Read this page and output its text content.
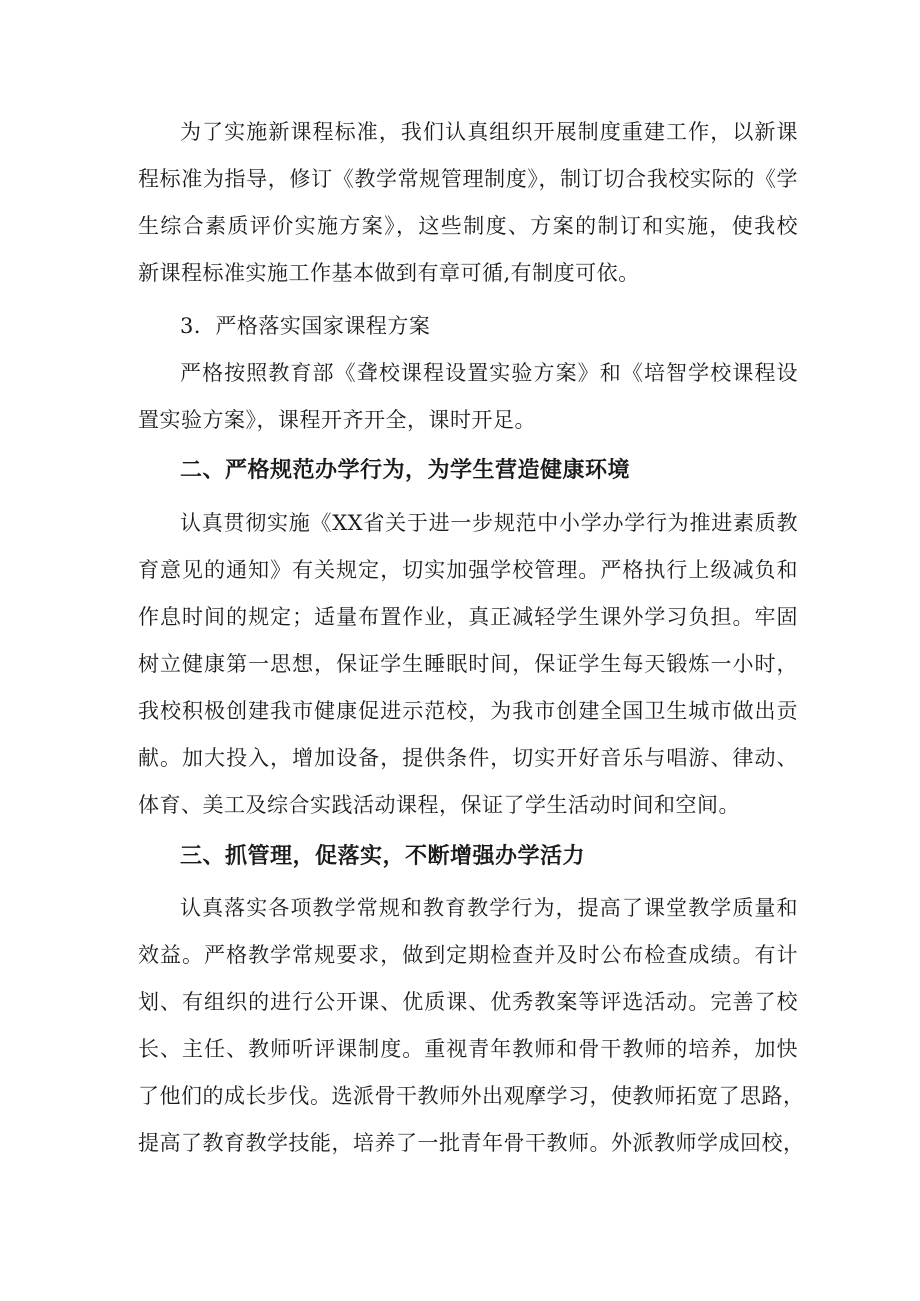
为了实施新课程标准，我们认真组织开展制度重建工作，以新课
程标准为指导，修订《教学常规管理制度》，制订切合我校实际的《学
生综合素质评价实施方案》，这些制度、方案的制订和实施，使我校
新课程标准实施工作基本做到有章可循,有制度可依。
3．严格落实国家课程方案
严格按照教育部《聋校课程设置实验方案》和《培智学校课程设
置实验方案》，课程开齐开全，课时开足。
二、严格规范办学行为，为学生营造健康环境
认真贯彻实施《XX省关于进一步规范中小学办学行为推进素质教
育意见的通知》有关规定，切实加强学校管理。严格执行上级减负和
作息时间的规定；适量布置作业，真正减轻学生课外学习负担。牢固
树立健康第一思想，保证学生睡眠时间，保证学生每天锻炼一小时，
我校积极创建我市健康促进示范校，为我市创建全国卫生城市做出贡
献。加大投入，增加设备，提供条件，切实开好音乐与唱游、律动、
体育、美工及综合实践活动课程，保证了学生活动时间和空间。
三、抓管理，促落实，不断增强办学活力
认真落实各项教学常规和教育教学行为，提高了课堂教学质量和
效益。严格教学常规要求，做到定期检查并及时公布检查成绩。有计
划、有组织的进行公开课、优质课、优秀教案等评选活动。完善了校
长、主任、教师听评课制度。重视青年教师和骨干教师的培养，加快
了他们的成长步伐。选派骨干教师外出观摩学习，使教师拓宽了思路，
提高了教育教学技能，培养了一批青年骨干教师。外派教师学成回校，
